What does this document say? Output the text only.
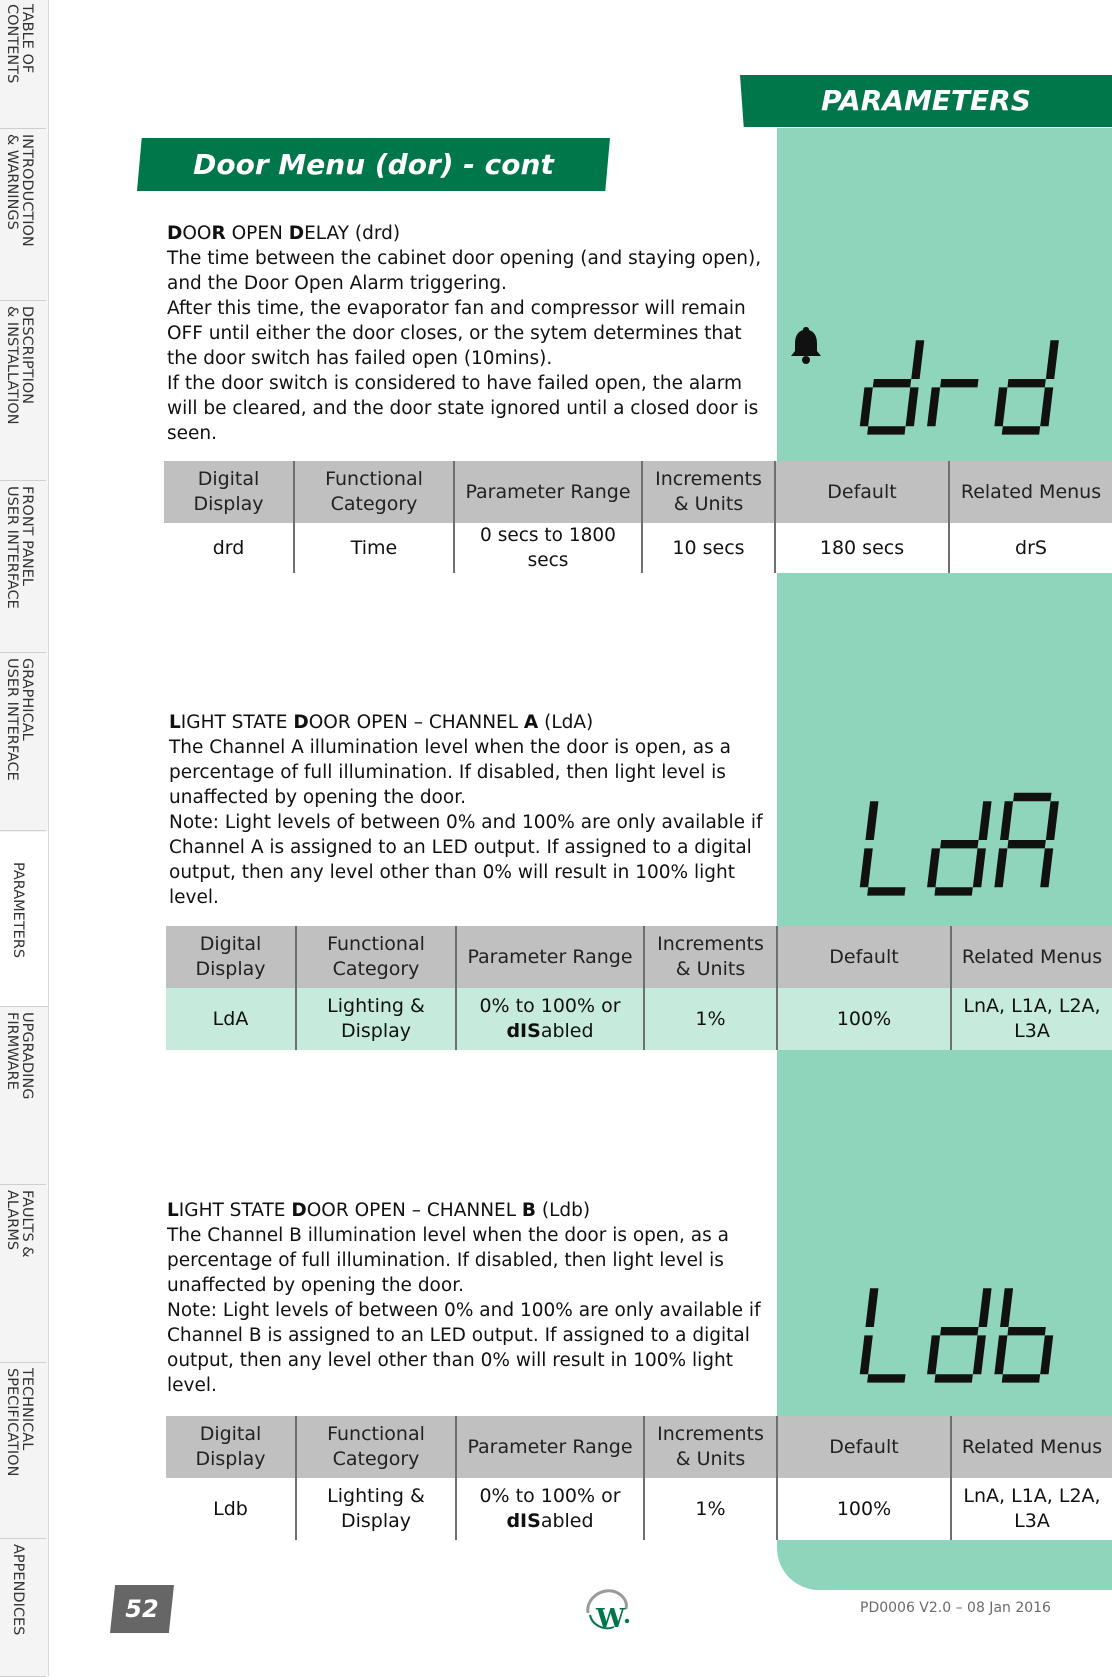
TABLE OF
CONTENTS
INTRODUCTION
& WARNINGS
DESCRIPTION
& INSTALLATION
FRONT PANEL
USER INTERFACE
GRAPHICAL
USER INTERFACE
PARAMETERS
UPGRADING
FIRMWARE
FAULTS &
ALARMS
TECHNICAL
SPECIFICATION
APPENDICES
PARAMETERS
Door Menu (dor) - cont
DOOR OPEN DELAY (drd)

The time between the cabinet door opening (and staying open), and the Door Open Alarm triggering.

After this time, the evaporator fan and compressor will remain OFF until either the door closes, or the sytem determines that the door switch has failed open (10mins).

If the door switch is considered to have failed open, the alarm will be cleared, and the door state ignored until a closed door is seen.

Digital Display	Functional Category	Parameter Range	Increments & Units	Default	Related Menus
drd	Time	0 secs to 1800 secs	10 secs	180 secs	drS
LIGHT STATE DOOR OPEN – CHANNEL A (LdA)

The Channel A illumination level when the door is open, as a percentage of full illumination. If disabled, then light level is unaffected by opening the door.

Note: Light levels of between 0% and 100% are only available if Channel A is assigned to an LED output. If assigned to a digital output, then any level other than 0% will result in 100% light level.

Digital Display	Functional Category	Parameter Range	Increments & Units	Default	Related Menus
LdA	Lighting & Display	0% to 100% or dISabled	1%	100%	LnA, L1A, L2A, L3A
LIGHT STATE DOOR OPEN – CHANNEL B (Ldb)

The Channel B illumination level when the door is open, as a percentage of full illumination. If disabled, then light level is unaffected by opening the door.

Note: Light levels of between 0% and 100% are only available if Channel B is assigned to an LED output. If assigned to a digital output, then any level other than 0% will result in 100% light level.

Digital Display	Functional Category	Parameter Range	Increments & Units	Default	Related Menus
Ldb	Lighting & Display	0% to 100% or dISabled	1%	100%	LnA, L1A, L2A, L3A
52	W	PD0006 V2.0 – 08 Jan 2016
